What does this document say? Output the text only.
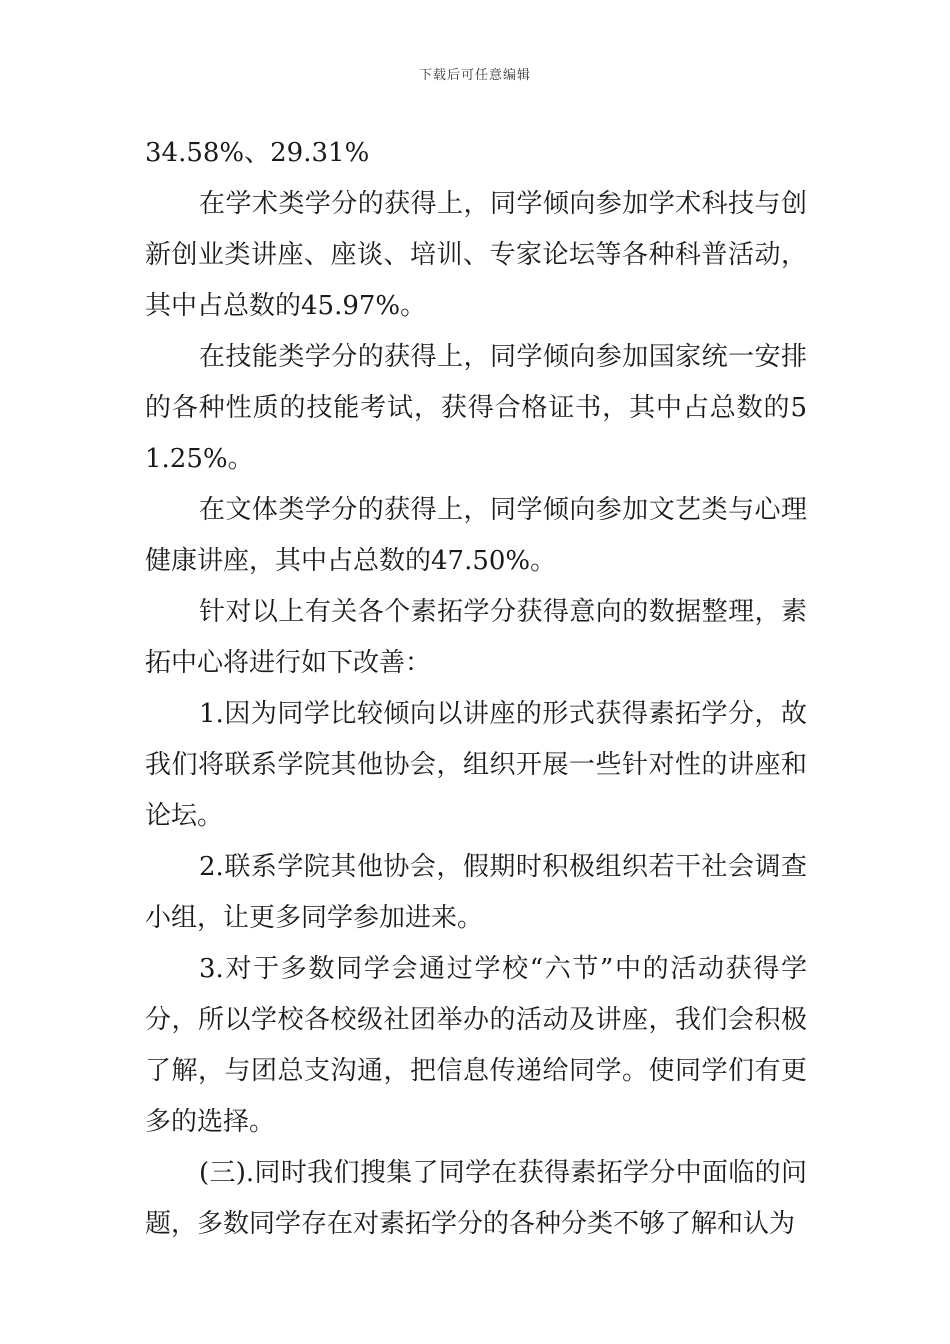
下载后可任意编辑

34.58%、29.31%

在学术类学分的获得上，同学倾向参加学术科技与创新创业类讲座、座谈、培训、专家论坛等各种科普活动，其中占总数的45.97%。

在技能类学分的获得上，同学倾向参加国家统一安排的各种性质的技能考试，获得合格证书，其中占总数的51.25%。

在文体类学分的获得上，同学倾向参加文艺类与心理健康讲座，其中占总数的47.50%。

针对以上有关各个素拓学分获得意向的数据整理，素拓中心将进行如下改善：

1.因为同学比较倾向以讲座的形式获得素拓学分，故我们将联系学院其他协会，组织开展一些针对性的讲座和论坛。

2.联系学院其他协会，假期时积极组织若干社会调查小组，让更多同学参加进来。

3.对于多数同学会通过学校“六节”中的活动获得学分，所以学校各校级社团举办的活动及讲座，我们会积极了解，与团总支沟通，把信息传递给同学。使同学们有更多的选择。

(三).同时我们搜集了同学在获得素拓学分中面临的问题，多数同学存在对素拓学分的各种分类不够了解和认为
